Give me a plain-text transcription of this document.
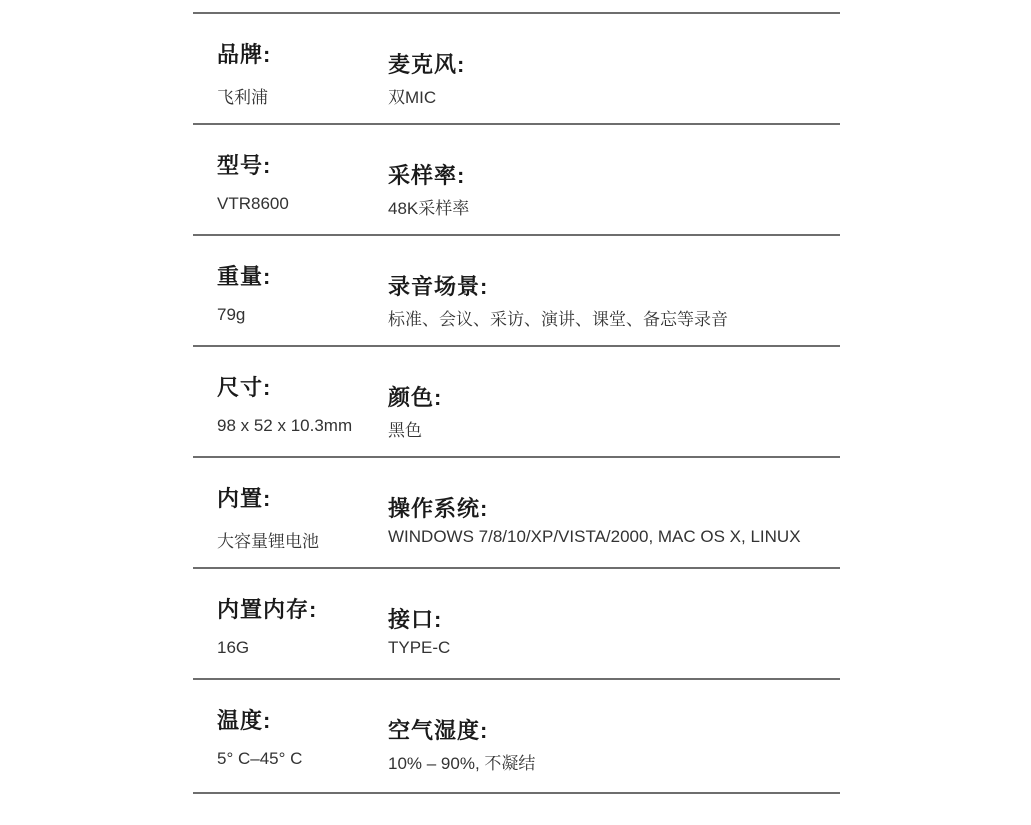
品牌:
飞利浦
麦克风:
双MIC
型号:
VTR8600
采样率:
48K采样率
重量:
79g
录音场景:
标准、会议、采访、演讲、课堂、备忘等录音
尺寸:
98 x 52 x 10.3mm
颜色:
黑色
内置:
大容量锂电池
操作系统:
WINDOWS 7/8/10/XP/VISTA/2000, MAC OS X, LINUX
内置内存:
16G
接口:
TYPE-C
温度:
5° C–45° C
空气湿度:
10% – 90%, 不凝结
